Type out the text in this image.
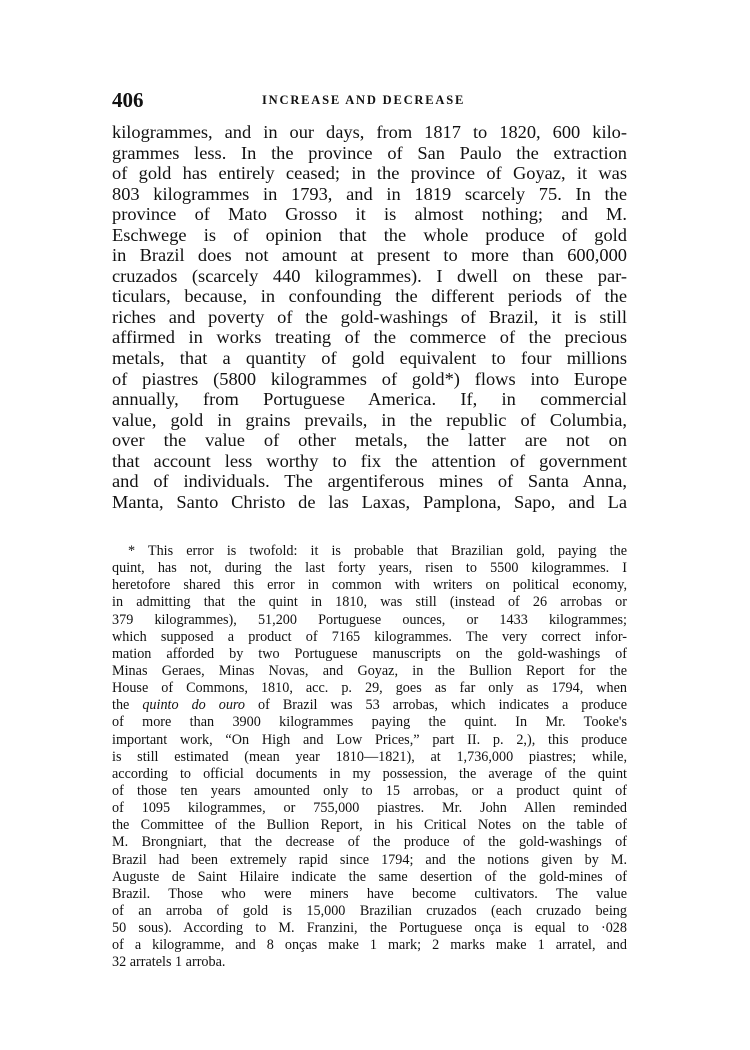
406	INCREASE AND DECREASE
kilogrammes, and in our days, from 1817 to 1820, 600 kilo-
grammes less. In the province of San Paulo the extraction
of gold has entirely ceased; in the province of Goyaz, it was
803 kilogrammes in 1793, and in 1819 scarcely 75. In the
province of Mato Grosso it is almost nothing; and M.
Eschwege is of opinion that the whole produce of gold
in Brazil does not amount at present to more than 600,000
cruzados (scarcely 440 kilogrammes). I dwell on these par-
ticulars, because, in confounding the different periods of the
riches and poverty of the gold-washings of Brazil, it is still
affirmed in works treating of the commerce of the precious
metals, that a quantity of gold equivalent to four millions
of piastres (5800 kilogrammes of gold*) flows into Europe
annually, from Portuguese America. If, in commercial
value, gold in grains prevails, in the republic of Columbia,
over the value of other metals, the latter are not on
that account less worthy to fix the attention of government
and of individuals. The argentiferous mines of Santa Anna,
Manta, Santo Christo de las Laxas, Pamplona, Sapo, and La
* This error is twofold: it is probable that Brazilian gold, paying the
quint, has not, during the last forty years, risen to 5500 kilogrammes. I
heretofore shared this error in common with writers on political economy,
in admitting that the quint in 1810, was still (instead of 26 arrobas or
379 kilogrammes), 51,200 Portuguese ounces, or 1433 kilogrammes;
which supposed a product of 7165 kilogrammes. The very correct infor-
mation afforded by two Portuguese manuscripts on the gold-washings of
Minas Geraes, Minas Novas, and Goyaz, in the Bullion Report for the
House of Commons, 1810, acc. p. 29, goes as far only as 1794, when
the quinto do ouro of Brazil was 53 arrobas, which indicates a produce
of more than 3900 kilogrammes paying the quint. In Mr. Tooke's
important work, “On High and Low Prices,” part II. p. 2,), this produce
is still estimated (mean year 1810—1821), at 1,736,000 piastres; while,
according to official documents in my possession, the average of the quint
of those ten years amounted only to 15 arrobas, or a product quint of
of 1095 kilogrammes, or 755,000 piastres. Mr. John Allen reminded
the Committee of the Bullion Report, in his Critical Notes on the table of
M. Brongniart, that the decrease of the produce of the gold-washings of
Brazil had been extremely rapid since 1794; and the notions given by M.
Auguste de Saint Hilaire indicate the same desertion of the gold-mines of
Brazil. Those who were miners have become cultivators. The value
of an arroba of gold is 15,000 Brazilian cruzados (each cruzado being
50 sous). According to M. Franzini, the Portuguese onça is equal to ·028
of a kilogramme, and 8 onças make 1 mark; 2 marks make 1 arratel, and
32 arratels 1 arroba.
